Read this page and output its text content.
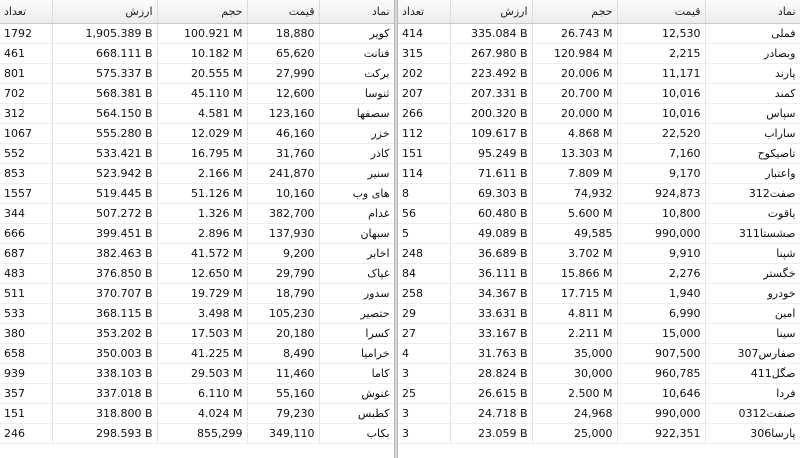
تعداد	ارزش	حجم	قیمت	نماد
1792	1,905.389 B	100.921 M	18,880	کویر
461	668.111 B	10.182 M	65,620	فنانت
801	575.337 B	20.555 M	27,990	برکت
702	568.381 B	45.110 M	12,600	ثنوسا
312	564.150 B	4.581 M	123,160	سصفها
1067	555.280 B	12.029 M	46,160	خزر
552	533.421 B	16.795 M	31,760	کاذر
853	523.942 B	2.166 M	241,870	سنیر
1557	519.445 B	51.126 M	10,160	های وب
344	507.272 B	1.326 M	382,700	غدام
666	399.451 B	2.896 M	137,930	سبهان
687	382.463 B	41.572 M	9,200	اخابر
483	376.850 B	12.650 M	29,790	غپاک
511	370.707 B	19.729 M	18,790	سدور
533	368.115 B	3.498 M	105,230	حتصیر
380	353.202 B	17.503 M	20,180	کسرا
658	350.003 B	41.225 M	8,490	خرامیا
939	338.103 B	29.503 M	11,460	کاما
357	337.018 B	6.110 M	55,160	غنوش
151	318.800 B	4.024 M	79,230	کطبس
246	298.593 B	855,299	349,110	بکاب
تعداد	ارزش	حجم	قیمت	نماد
414	335.084 B	26.743 M	12,530	فملی
315	267.980 B	120.984 M	2,215	وبصادر
202	223.492 B	20.006 M	11,171	پارند
207	207.331 B	20.700 M	10,016	کمند
266	200.320 B	20.000 M	10,016	سپاس
112	109.617 B	4.868 M	22,520	ساراب
151	95.249 B	13.303 M	7,160	تاصیکوح
114	71.611 B	7.809 M	9,170	واعتبار
8	69.303 B	74,932	924,873	صفت312
56	60.480 B	5.600 M	10,800	یاقوت
5	49.089 B	49,585	990,000	صشستا311
248	36.689 B	3.702 M	9,910	شپنا
84	36.111 B	15.866 M	2,276	خگستر
258	34.367 B	17.715 M	1,940	خودرو
29	33.631 B	4.811 M	6,990	امین
27	33.167 B	2.211 M	15,000	سینا
4	31.763 B	35,000	907,500	صفارس307
3	28.824 B	30,000	960,785	صگل411
25	26.615 B	2.500 M	10,646	فردا
3	24.718 B	24,968	990,000	صنفت0312
3	23.059 B	25,000	922,351	پارسا306
